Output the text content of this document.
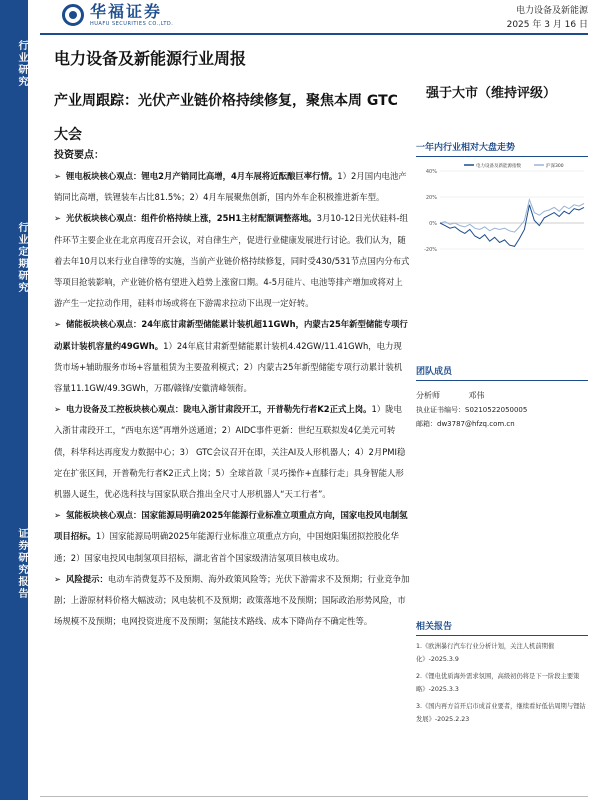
行业研究
行业定期研究
证券研究报告
华福证券
HUAFU SECURITIES CO.,LTD.
电力设备及新能源
2025 年 3 月 16 日
电力设备及新能源行业周报
产业周跟踪：光伏产业链价格持续修复，聚焦本周 GTC 大会
强于大市（维持评级）
投资要点：
➢ 锂电板块核心观点：锂电2月产销同比高增，4月车展将近酝酿巨率行情。1）2月国内电池产销同比高增，铁锂装车占比81.5%；2）4月车展聚焦创新，国内外车企积极推进新车型。
➢ 光伏板块核心观点：组件价格持续上涨，25H1主材配额调整落地。3月10-12日光伏硅料-组件环节主要企业在北京再度召开会议，对自律生产，促进行业健康发展进行讨论。我们认为，随着去年10月以来行业自律等的实施，当前产业链价格持续修复，同时受430/531节点国内分布式等项目抢装影响，产业链价格有望进入趋势上涨窗口期。4-5月硅片、电池等排产增加或将对上游产生一定拉动作用，硅料市场或将在下游需求拉动下出现一定好转。
➢ 储能板块核心观点：24年底甘肃新型储能累计装机超11GWh，内蒙古25年新型储能专项行动累计装机容量约49GWh。1）24年底甘肃新型储能累计装机4.42GW/11.41GWh，电力现货市场+辅助服务市场+容量租赁为主要盈利模式；2）内蒙古25年新型储能专项行动累计装机容量11.1GW/49.3GWh，万郡/赣锋/安徽清峰领衔。
➢ 电力设备及工控板块核心观点：陇电入浙甘肃段开工，开普勒先行者K2正式上岗。1）陇电入浙甘肃段开工，“西电东送”再增外送通道；2）AIDC事件更新：世纪互联拟发4亿美元可转债，科华科达再度发力数据中心；3） GTC会议召开在即，关注AI及人形机器人；4）2月PMI稳定在扩张区间，开普勒先行者K2正式上岗；5）全球首款「灵巧操作+直膝行走」具身智能人形机器人诞生，优必选科技与国家队联合推出全尺寸人形机器人“天工行者”。
➢ 氢能板块核心观点：国家能源局明确2025年能源行业标准立项重点方向，国家电投风电制氢项目招标。1）国家能源局明确2025年能源行业标准立项重点方向，中国炮阳集团拟控股化华通；2）国家电投风电制氢项目招标，湖北省首个国家级清洁氢项目核电成功。
➢ 风险提示：电动车消费复苏不及预期、海外政策风险等；光伏下游需求不及预期；行业竞争加剧；上游原材料价格大幅波动；风电装机不及预期；政策落地不及预期；国际政治形势风险，市场规模不及预期；电网投资进度不及预期；氢能技术路线、成本下降尚存不确定性等。
一年内行业相对大盘走势
电力设备及新能源指数	沪深300
40%
20%
0%
-20%
团队成员
分析师	邓伟
执业证书编号：S0210522050005
邮箱：dw3787@hfzq.com.cn
相关报告
1.《欧洲暴行汽车行业分析计划，关注人机前期催化》-2025.3.9
2.《锂电优质海外需求氛围，高级初仍将是下一阶段主要策略》-2025.3.3
3.《国内再方首开启市成首业要者，继续看好低估周期与锂钴发展》-2025.2.23
